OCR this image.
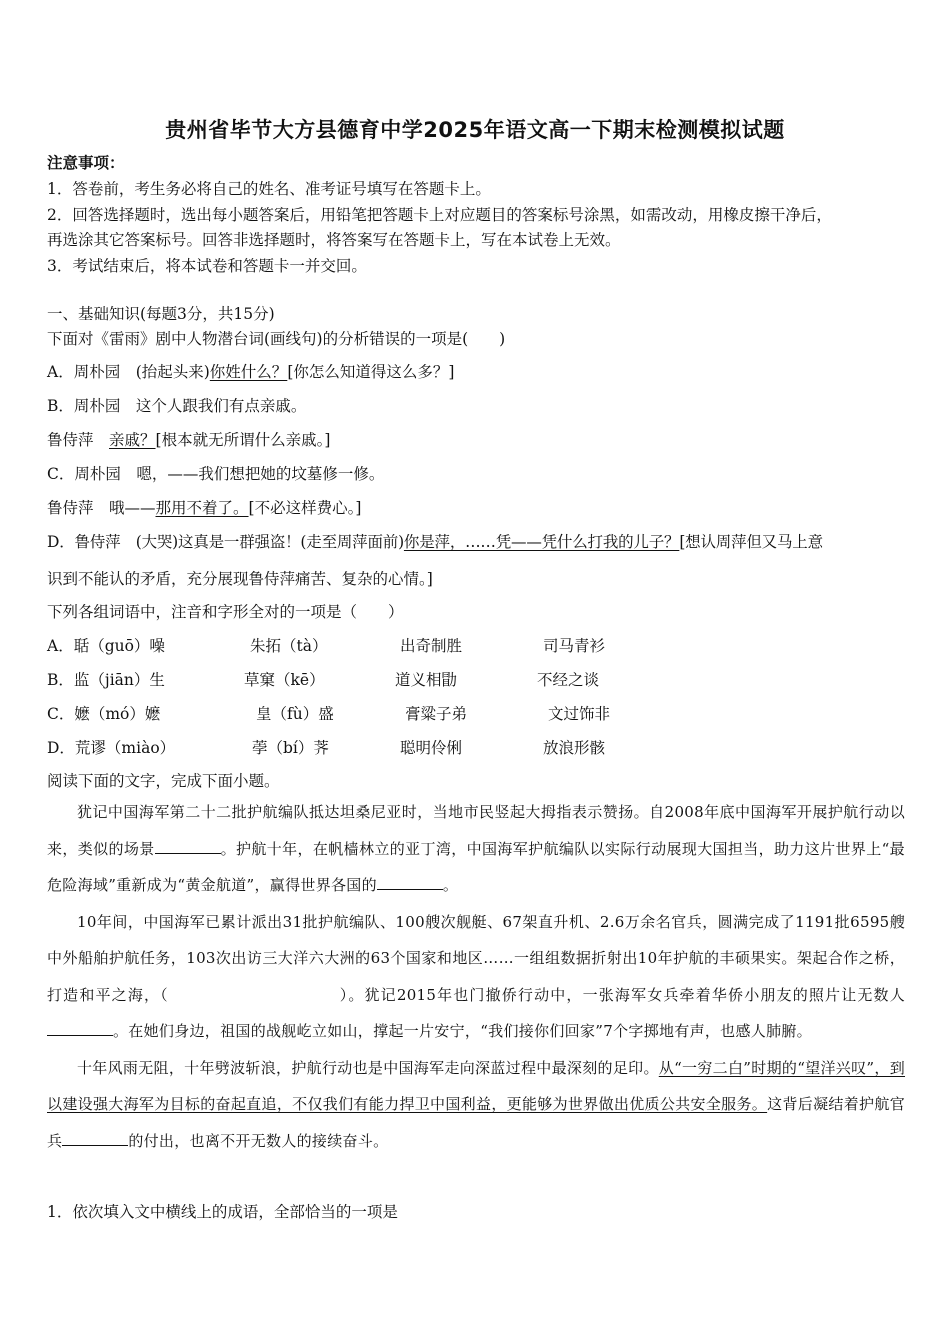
贵州省毕节大方县德育中学2025年语文高一下期末检测模拟试题
注意事项：
1．答卷前，考生务必将自己的姓名、准考证号填写在答题卡上。
2．回答选择题时，选出每小题答案后，用铅笔把答题卡上对应题目的答案标号涂黑，如需改动，用橡皮擦干净后，
再选涂其它答案标号。回答非选择题时，将答案写在答题卡上，写在本试卷上无效。
3．考试结束后，将本试卷和答题卡一并交回。
一、基础知识(每题3分，共15分)
下面对《雷雨》剧中人物潜台词(画线句)的分析错误的一项是(　　)
A．周朴园　(抬起头来)你姓什么？[你怎么知道得这么多？]
B．周朴园　这个人跟我们有点亲戚。
鲁侍萍　亲戚？[根本就无所谓什么亲戚。]
C．周朴园　嗯，——我们想把她的坟墓修一修。
鲁侍萍　哦——那用不着了。[不必这样费心。]
D．鲁侍萍　(大哭)这真是一群强盗！(走至周萍面前)你是萍，……凭——凭什么打我的儿子？[想认周萍但又马上意
识到不能认的矛盾，充分展现鲁侍萍痛苦、复杂的心情。]
下列各组词语中，注音和字形全对的一项是（　　）
A．聒（guō）噪	朱拓（tà）	出奇制胜	司马青衫
B．监（jiān）生	草窠（kē）	道义相勖	不经之谈
C．嬷（mó）嬷	皇（fù）盛	膏粱子弟	文过饰非
D．荒谬（miào）	荸（bí）荠	聪明伶俐	放浪形骸
阅读下面的文字，完成下面小题。

犹记中国海军第二十二批护航编队抵达坦桑尼亚时，当地市民竖起大拇指表示赞扬。自2008年底中国海军开展护航行动以来，类似的场景	。护航十年，在帆樯林立的亚丁湾，中国海军护航编队以实际行动展现大国担当，助力这片世界上“最危险海域”重新成为“黄金航道”，赢得世界各国的	。

10年间，中国海军已累计派出31批护航编队、100艘次舰艇、67架直升机、2.6万余名官兵，圆满完成了1191批6595艘中外船舶护航任务，103次出访三大洋六大洲的63个国家和地区……一组组数据折射出10年护航的丰硕果实。架起合作之桥，打造和平之海，（	）。犹记2015年也门撤侨行动中，一张海军女兵牵着华侨小朋友的照片让无数人。在她们身边，祖国的战舰屹立如山，撑起一片安宁，“我们接你们回家”7个字掷地有声，也感人肺腑。

十年风雨无阻，十年劈波斩浪，护航行动也是中国海军走向深蓝过程中最深刻的足印。从“一穷二白”时期的“望洋兴叹”，到以建设强大海军为目标的奋起直追，不仅我们有能力捍卫中国利益，更能够为世界做出优质公共安全服务。这背后凝结着护航官兵	的付出，也离不开无数人的接续奋斗。

1．依次填入文中横线上的成语，全部恰当的一项是
